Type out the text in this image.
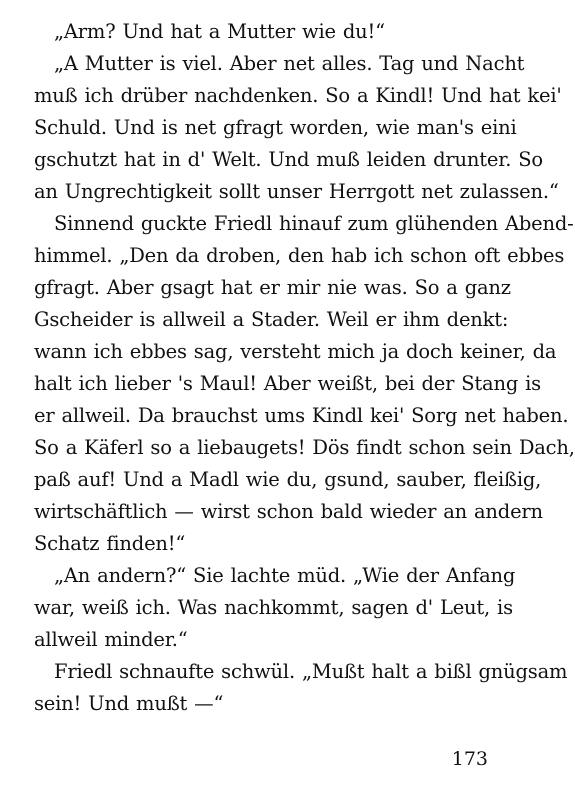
„Arm? Und hat a Mutter wie du!“
„A Mutter is viel. Aber net alles. Tag und Nacht
muß ich drüber nachdenken. So a Kindl! Und hat kei'
Schuld. Und is net gfragt worden, wie man's eini
gschutzt hat in d' Welt. Und muß leiden drunter. So
an Ungrechtigkeit sollt unser Herrgott net zulassen.“
Sinnend guckte Friedl hinauf zum glühenden Abend-
himmel. „Den da droben, den hab ich schon oft ebbes
gfragt. Aber gsagt hat er mir nie was. So a ganz
Gscheider is allweil a Stader. Weil er ihm denkt:
wann ich ebbes sag, versteht mich ja doch keiner, da
halt ich lieber 's Maul! Aber weißt, bei der Stang is
er allweil. Da brauchst ums Kindl kei' Sorg net haben.
So a Käferl so a liebaugets! Dös findt schon sein Dach,
paß auf! Und a Madl wie du, gsund, sauber, fleißig,
wirtschäftlich — wirst schon bald wieder an andern
Schatz finden!“
„An andern?“ Sie lachte müd. „Wie der Anfang
war, weiß ich. Was nachkommt, sagen d' Leut, is
allweil minder.“
Friedl schnaufte schwül. „Mußt halt a bißl gnügsam
sein! Und mußt —“
173
